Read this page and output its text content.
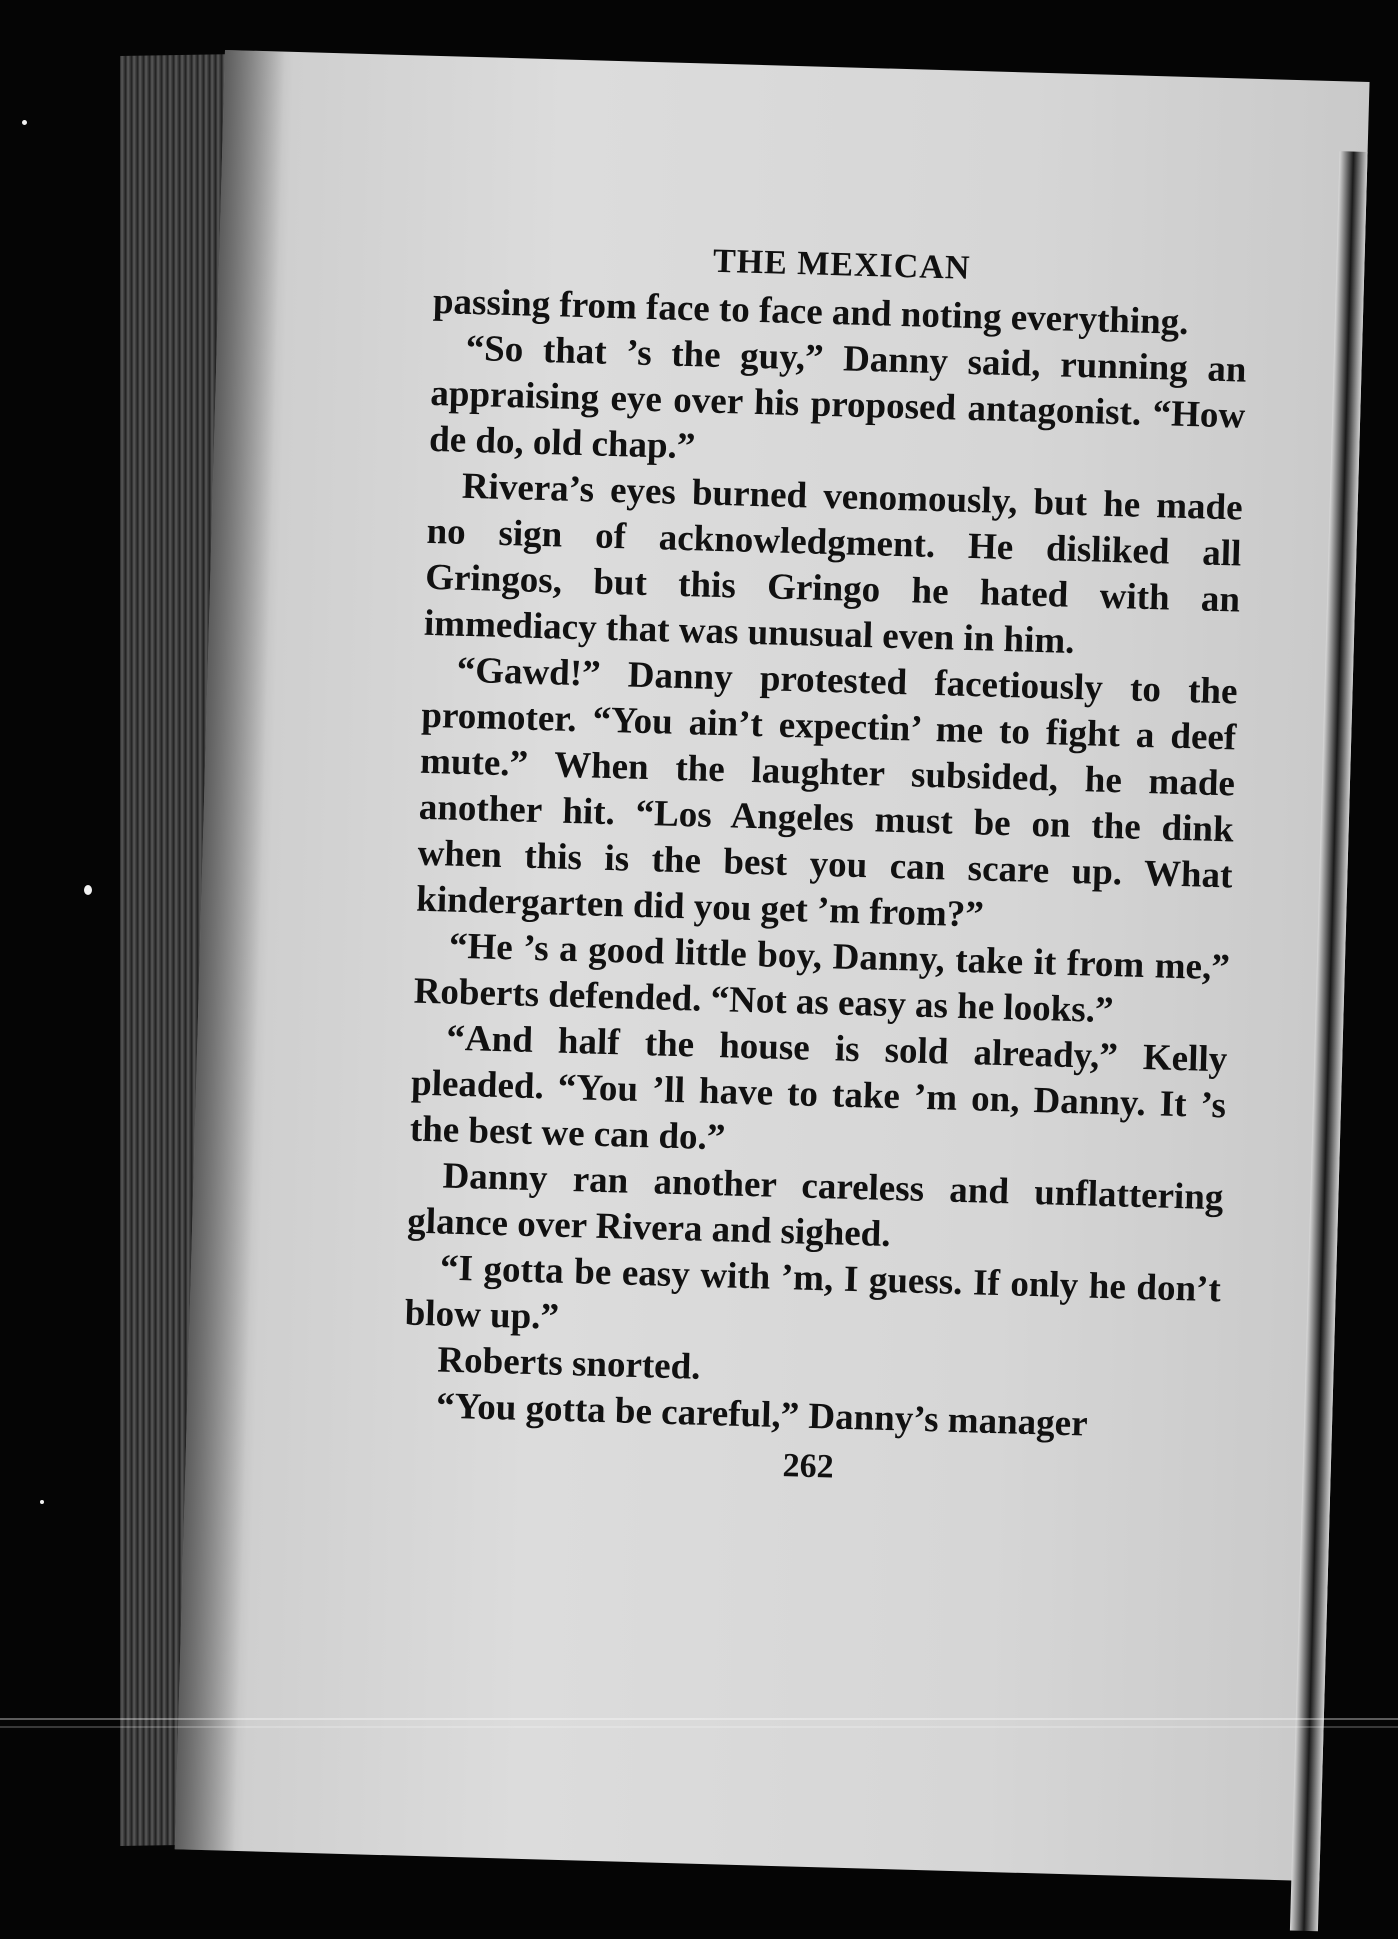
THE MEXICAN

passing from face to face and noting everything.

“So that ’s the guy,” Danny said, running an appraising eye over his proposed antagonist. “How de do, old chap.”

Rivera’s eyes burned venomously, but he made no sign of acknowledgment. He disliked all Gringos, but this Gringo he hated with an immediacy that was unusual even in him.

“Gawd!” Danny protested facetiously to the promoter. “You ain’t expectin’ me to fight a deef mute.” When the laughter subsided, he made another hit. “Los Angeles must be on the dink when this is the best you can scare up. What kindergarten did you get ’m from?”

“He ’s a good little boy, Danny, take it from me,” Roberts defended. “Not as easy as he looks.”

“And half the house is sold already,” Kelly pleaded. “You ’ll have to take ’m on, Danny. It ’s the best we can do.”

Danny ran another careless and unflattering glance over Rivera and sighed.

“I gotta be easy with ’m, I guess. If only he don’t blow up.”

Roberts snorted.

“You gotta be careful,” Danny’s manager

262
